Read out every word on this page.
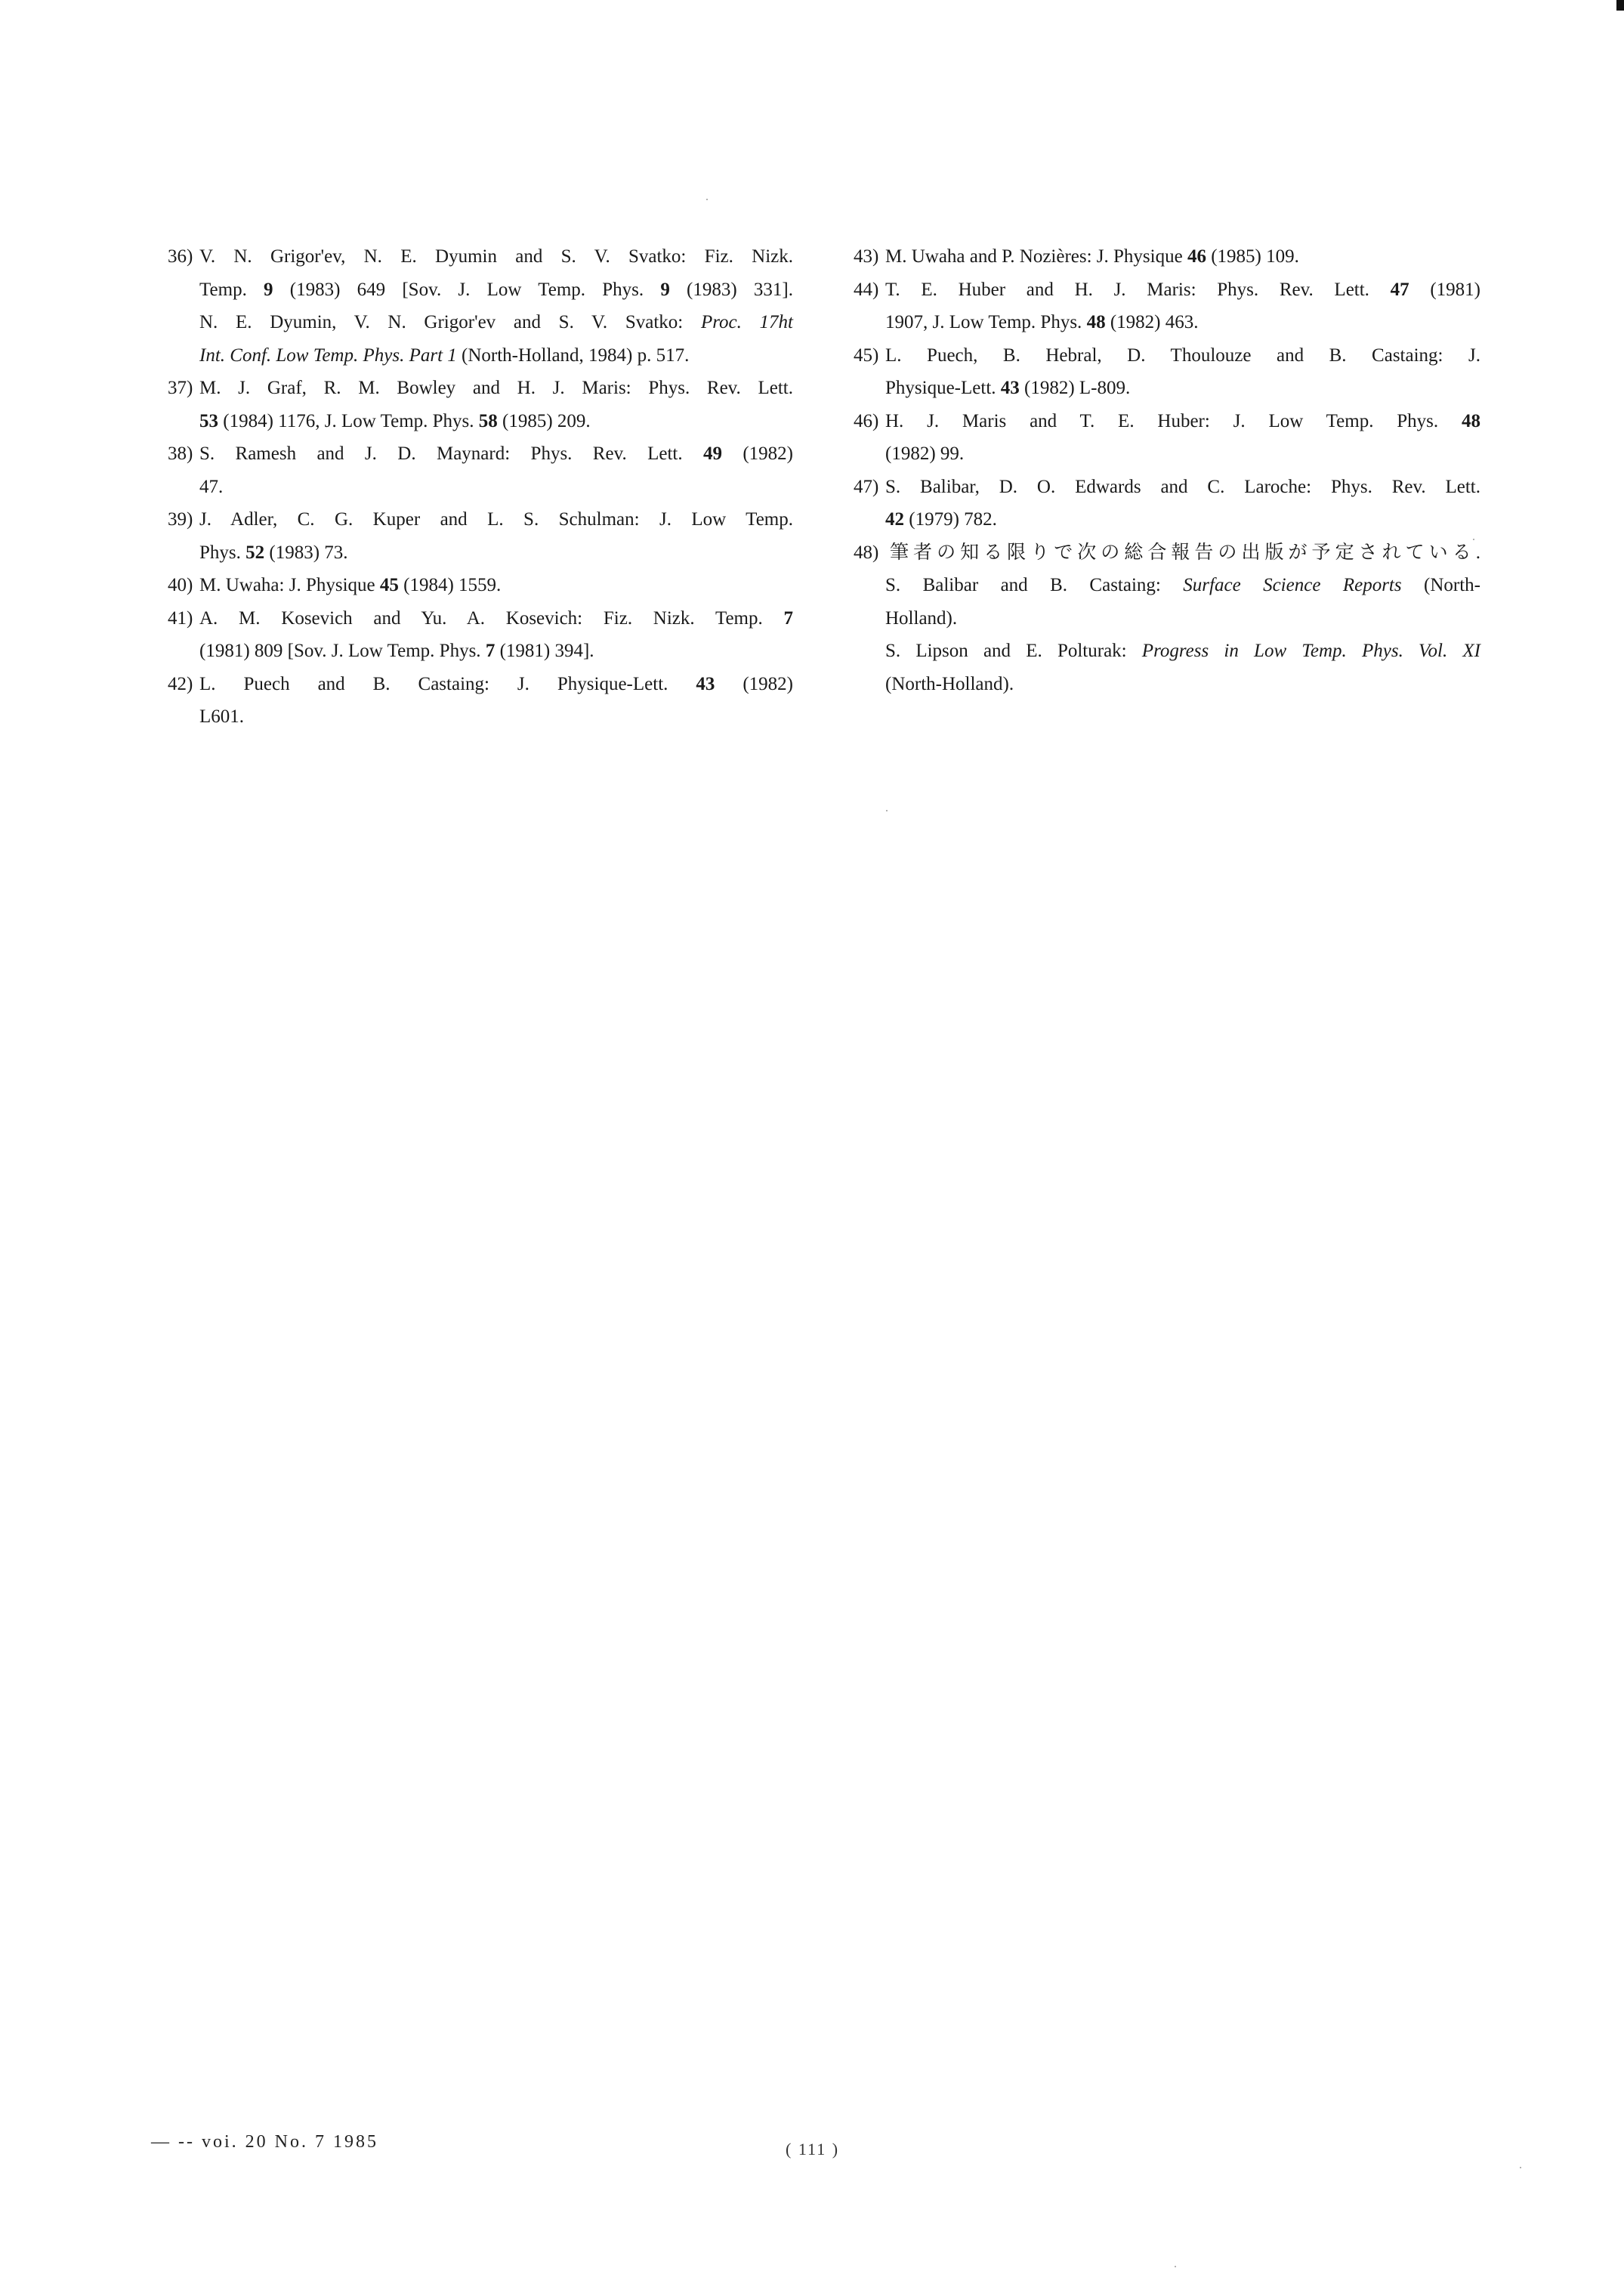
36) V. N. Grigor'ev, N. E. Dyumin and S. V. Svatko: Fiz. Nizk.
Temp. 9 (1983) 649 [Sov. J. Low Temp. Phys. 9 (1983) 331].
N. E. Dyumin, V. N. Grigor'ev and S. V. Svatko: Proc. 17ht
Int. Conf. Low Temp. Phys. Part 1 (North-Holland, 1984) p. 517.
37) M. J. Graf, R. M. Bowley and H. J. Maris: Phys. Rev. Lett.
53 (1984) 1176, J. Low Temp. Phys. 58 (1985) 209.
38) S. Ramesh and J. D. Maynard: Phys. Rev. Lett. 49 (1982)
47.
39) J. Adler, C. G. Kuper and L. S. Schulman: J. Low Temp.
Phys. 52 (1983) 73.
40) M. Uwaha: J. Physique 45 (1984) 1559.
41) A. M. Kosevich and Yu. A. Kosevich: Fiz. Nizk. Temp. 7
(1981) 809 [Sov. J. Low Temp. Phys. 7 (1981) 394].
42) L. Puech and B. Castaing: J. Physique-Lett. 43 (1982)
L601.
43) M. Uwaha and P. Nozières: J. Physique 46 (1985) 109.
44) T. E. Huber and H. J. Maris: Phys. Rev. Lett. 47 (1981)
1907, J. Low Temp. Phys. 48 (1982) 463.
45) L. Puech, B. Hebral, D. Thoulouze and B. Castaing: J.
Physique-Lett. 43 (1982) L-809.
46) H. J. Maris and T. E. Huber: J. Low Temp. Phys. 48
(1982) 99.
47) S. Balibar, D. O. Edwards and C. Laroche: Phys. Rev. Lett.
42 (1979) 782.
48) 筆者の知る限りで次の総合報告の出版が予定されている.
S. Balibar and B. Castaing: Surface Science Reports (North-
Holland).
S. Lipson and E. Polturak: Progress in Low Temp. Phys. Vol. XI
(North-Holland).
— -- voi. 20 No. 7 1985	( 111 )
